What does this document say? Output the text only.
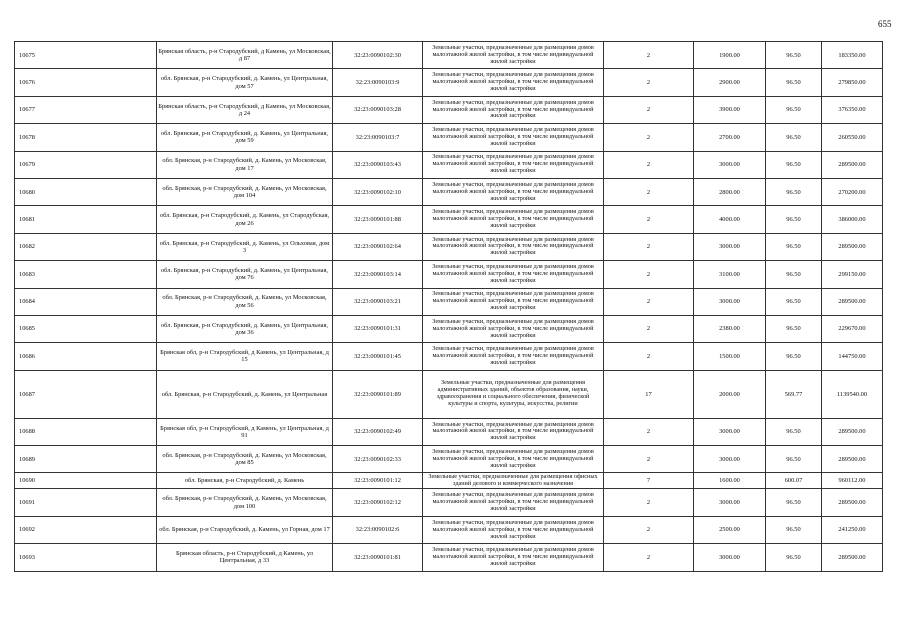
655
10675	Брянская область, р-н Стародубский, д Камень, ул Московская, д 87	32:23:0090102:30	Земельные участки, предназначенные для размещения домов малоэтажной жилой застройки, в том числе индивидуальной жилой застройки	2	1900.00	96.50	183350.00
10676	обл. Брянская, р-н Стародубский, д. Камень, ул Центральная, дом 57	32:23:0090103:9	Земельные участки, предназначенные для размещения домов малоэтажной жилой застройки, в том числе индивидуальной жилой застройки	2	2900.00	96.50	279850.00
10677	Брянская область, р-н Стародубский, д Камень, ул Московская, д 24	32:23:0090103:28	Земельные участки, предназначенные для размещения домов малоэтажной жилой застройки, в том числе индивидуальной жилой застройки	2	3900.00	96.50	376350.00
10678	обл. Брянская, р-н Стародубский, д. Камень, ул Центральная, дом 59	32:23:0090103:7	Земельные участки, предназначенные для размещения домов малоэтажной жилой застройки, в том числе индивидуальной жилой застройки	2	2700.00	96.50	260550.00
10679	обл. Брянская, р-н Стародубский, д. Камень, ул Московская, дом 17	32:23:0090103:43	Земельные участки, предназначенные для размещения домов малоэтажной жилой застройки, в том числе индивидуальной жилой застройки	2	3000.00	96.50	289500.00
10680	обл. Брянская, р-н Стародубский, д. Камень, ул Московская, дом 104	32:23:0090102:10	Земельные участки, предназначенные для размещения домов малоэтажной жилой застройки, в том числе индивидуальной жилой застройки	2	2800.00	96.50	270200.00
10681	обл. Брянская, р-н Стародубский, д. Камень, ул Стародубская, дом 26	32:23:0090101:88	Земельные участки, предназначенные для размещения домов малоэтажной жилой застройки, в том числе индивидуальной жилой застройки	2	4000.00	96.50	386000.00
10682	обл. Брянская, р-н Стародубский, д. Камень, ул Ольховая, дом 3	32:23:0090102:64	Земельные участки, предназначенные для размещения домов малоэтажной жилой застройки, в том числе индивидуальной жилой застройки	2	3000.00	96.50	289500.00
10683	обл. Брянская, р-н Стародубский, д. Камень, ул Центральная, дом 76	32:23:0090103:14	Земельные участки, предназначенные для размещения домов малоэтажной жилой застройки, в том числе индивидуальной жилой застройки	2	3100.00	96.50	299150.00
10684	обл. Брянская, р-н Стародубский, д. Камень, ул Московская, дом 56	32:23:0090103:21	Земельные участки, предназначенные для размещения домов малоэтажной жилой застройки, в том числе индивидуальной жилой застройки	2	3000.00	96.50	289500.00
10685	обл. Брянская, р-н Стародубский, д. Камень, ул Центральная, дом 36	32:23:0090101:31	Земельные участки, предназначенные для размещения домов малоэтажной жилой застройки, в том числе индивидуальной жилой застройки	2	2380.00	96.50	229670.00
10686	Брянская обл, р-н Стародубский, д Камень, ул Центральная, д 15	32:23:0090101:45	Земельные участки, предназначенные для размещения домов малоэтажной жилой застройки, в том числе индивидуальной жилой застройки	2	1500.00	96.50	144750.00
10687	обл. Брянская, р-н Стародубский, д. Камень, ул Центральная	32:23:0090101:89	Земельные участки, предназначенные для размещения административных зданий, объектов образования, науки, здравоохранения и социального обеспечения, физической культуры и спорта, культуры, искусства, религии	17	2000.00	569.77	1139540.00
10688	Брянская обл, р-н Стародубский, д Камень, ул Центральная, д 91	32:23:0090102:49	Земельные участки, предназначенные для размещения домов малоэтажной жилой застройки, в том числе индивидуальной жилой застройки	2	3000.00	96.50	289500.00
10689	обл. Брянская, р-н Стародубский, д. Камень, ул Московская, дом 85	32:23:0090102:33	Земельные участки, предназначенные для размещения домов малоэтажной жилой застройки, в том числе индивидуальной жилой застройки	2	3000.00	96.50	289500.00
10690	обл. Брянская, р-н Стародубский, д. Камень	32:23:0090101:12	Земельные участки, предназначенные для размещения офисных зданий делового и коммерческого назначения	7	1600.00	600.07	960112.00
10691	обл. Брянская, р-н Стародубский, д. Камень, ул Московская, дом 100	32:23:0090102:12	Земельные участки, предназначенные для размещения домов малоэтажной жилой застройки, в том числе индивидуальной жилой застройки	2	3000.00	96.50	289500.00
10692	обл. Брянская, р-н Стародубский, д. Камень, ул Горная, дом 17	32:23:0090102:6	Земельные участки, предназначенные для размещения домов малоэтажной жилой застройки, в том числе индивидуальной жилой застройки	2	2500.00	96.50	241250.00
10693	Брянская область, р-н Стародубский, д Камень, ул Центральная, д 33	32:23:0090101:81	Земельные участки, предназначенные для размещения домов малоэтажной жилой застройки, в том числе индивидуальной жилой застройки	2	3000.00	96.50	289500.00
